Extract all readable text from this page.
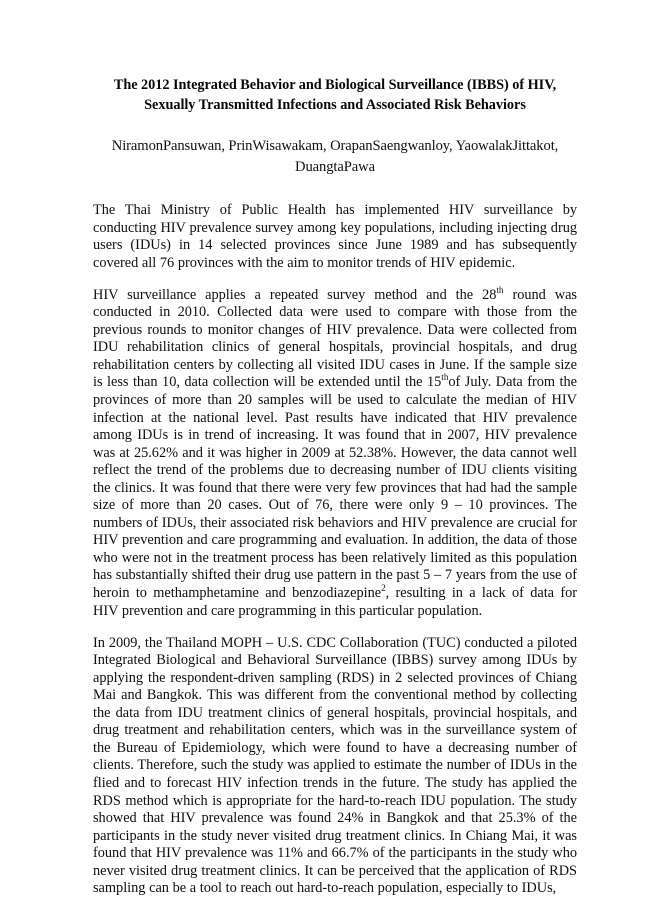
The 2012 Integrated Behavior and Biological Surveillance (IBBS) of HIV,
Sexually Transmitted Infections and Associated Risk Behaviors
NiramonPansuwan, PrinWisawakam, OrapanSaengwanloy, YaowalakJittakot,
DuangtaPawa

The Thai Ministry of Public Health has implemented HIV surveillance by conducting HIV prevalence survey among key populations, including injecting drug users (IDUs) in 14 selected provinces since June 1989 and has subsequently covered all 76 provinces with the aim to monitor trends of HIV epidemic.

HIV surveillance applies a repeated survey method and the 28th round was conducted in 2010. Collected data were used to compare with those from the previous rounds to monitor changes of HIV prevalence. Data were collected from IDU rehabilitation clinics of general hospitals, provincial hospitals, and drug rehabilitation centers by collecting all visited IDU cases in June. If the sample size is less than 10, data collection will be extended until the 15thof July. Data from the provinces of more than 20 samples will be used to calculate the median of HIV infection at the national level. Past results have indicated that HIV prevalence among IDUs is in trend of increasing. It was found that in 2007, HIV prevalence was at 25.62% and it was higher in 2009 at 52.38%. However, the data cannot well reflect the trend of the problems due to decreasing number of IDU clients visiting the clinics. It was found that there were very few provinces that had had the sample size of more than 20 cases. Out of 76, there were only 9 – 10 provinces. The numbers of IDUs, their associated risk behaviors and HIV prevalence are crucial for HIV prevention and care programming and evaluation. In addition, the data of those who were not in the treatment process has been relatively limited as this population has substantially shifted their drug use pattern in the past 5 – 7 years from the use of heroin to methamphetamine and benzodiazepine$^2$, resulting in a lack of data for HIV prevention and care programming in this particular population.

In 2009, the Thailand MOPH – U.S. CDC Collaboration (TUC) conducted a piloted Integrated Biological and Behavioral Surveillance (IBBS) survey among IDUs by applying the respondent-driven sampling (RDS) in 2 selected provinces of Chiang Mai and Bangkok. This was different from the conventional method by collecting the data from IDU treatment clinics of general hospitals, provincial hospitals, and drug treatment and rehabilitation centers, which was in the surveillance system of the Bureau of Epidemiology, which were found to have a decreasing number of clients. Therefore, such the study was applied to estimate the number of IDUs in the flied and to forecast HIV infection trends in the future. The study has applied the RDS method which is appropriate for the hard-to-reach IDU population. The study showed that HIV prevalence was found 24% in Bangkok and that 25.3% of the participants in the study never visited drug treatment clinics. In Chiang Mai, it was found that HIV prevalence was 11% and 66.7% of the participants in the study who never visited drug treatment clinics. It can be perceived that the application of RDS sampling can be a tool to reach out hard-to-reach population, especially to IDUs,
